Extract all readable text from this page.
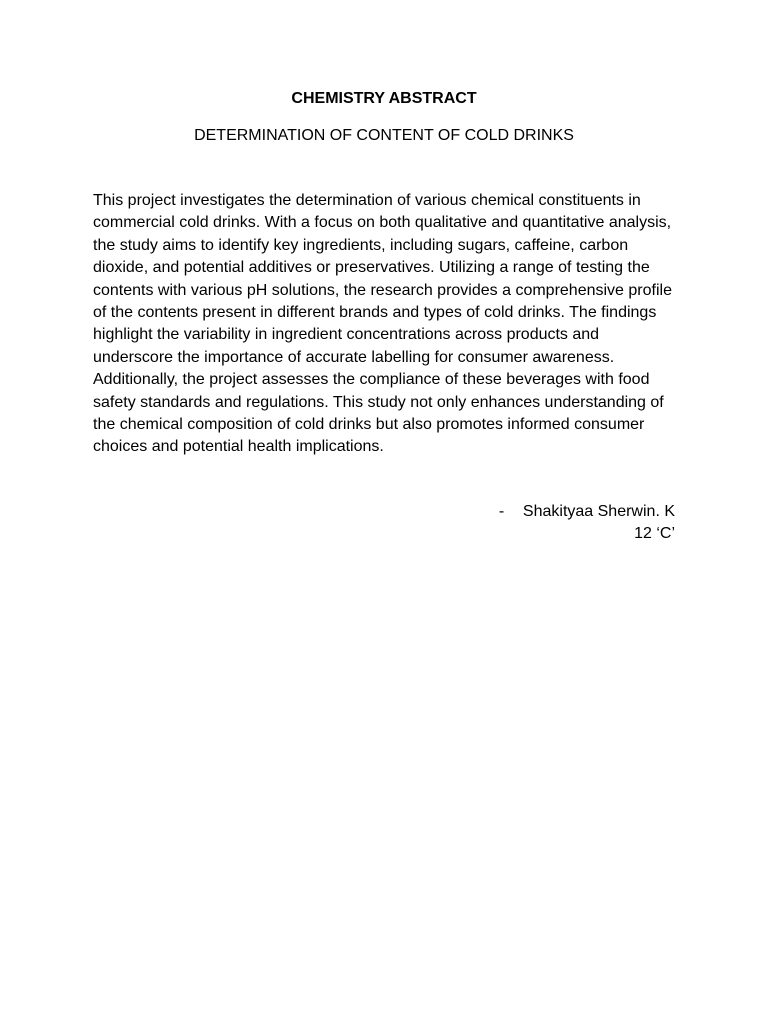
CHEMISTRY ABSTRACT
DETERMINATION OF CONTENT OF COLD DRINKS

This project investigates the determination of various chemical constituents in commercial cold drinks. With a focus on both qualitative and quantitative analysis, the study aims to identify key ingredients, including sugars, caffeine, carbon dioxide, and potential additives or preservatives. Utilizing a range of testing the contents with various pH solutions, the research provides a comprehensive profile of the contents present in different brands and types of cold drinks. The findings highlight the variability in ingredient concentrations across products and underscore the importance of accurate labelling for consumer awareness. Additionally, the project assesses the compliance of these beverages with food safety standards and regulations. This study not only enhances understanding of the chemical composition of cold drinks but also promotes informed consumer choices and potential health implications.

- Shakityaa Sherwin. K
12 ‘C’
